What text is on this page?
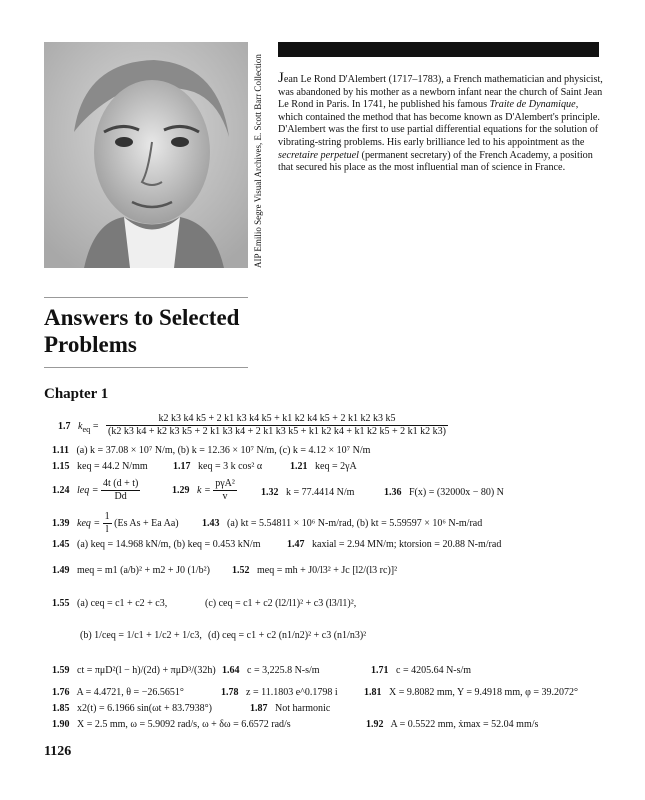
AIP Emilio Segre Visual Archives, E. Scott Barr Collection Jean Le Rond D'Alembert (1717–1783), a French mathematician and physicist, was abandoned by his mother as a newborn infant near the church of Saint Jean Le Rond in Paris. In 1741, he published his famous Traite de Dynamique, which contained the method that has become known as D'Alembert's principle. D'Alembert was the first to use partial differential equations for the solution of vibrating-string problems. His early brilliance led to his appointment as the secretaire perpetuel (permanent secretary) of the French Academy, a position that secured his place as the most influential man of science in France.
Answers to Selected
Problems
Chapter 1
1.7 $k_{eq}$ =
k2 k3 k4 k5 + 2 k1 k3 k4 k5 + k1 k2 k4 k5 + 2 k1 k2 k3 k5
(k2 k3 k4 + k2 k3 k5 + 2 k1 k3 k4 + 2 k1 k3 k5 + k1 k2 k4 + k1 k2 k5 + 2 k1 k2 k3)
1.11 (a) k = 37.08 × 10⁷ N/m, (b) k = 12.36 × 10⁷ N/m, (c) k = 4.12 × 10⁷ N/m
1.15 keq = 44.2 N/mm	1.17 keq = 3 k cos² α	1.21 keq = 2γA
1.24 leq = $\frac{4t (d + t)}{Dd}$	1.29 $k = \frac{\text{pγA²}}{v} 1.32$ k = 77.4414 N/m	1.36 F(x) = (32000x − 80) N
1.39 keq = $\frac{1}{l} (Es$ As + Ea Aa) 1.43 (a) kt = 5.54811 × 10⁶ N-m/rad, (b) kt = 5.59597 × 10⁶ N-m/rad
1.45 (a) keq = 14.968 kN/m, (b) keq = 0.453 kN/m	1.47 kaxial = 2.94 MN/m; ktorsion = 20.88 N-m/rad
1.49 meq = m1 (a/b)² + m2 + J0 (1/b²) 1.52 meq = mh + J0/l3² + Jc [l2/(l3 rc)]²
1.55 (a) ceq = c1 + c2 + c3,	(c) ceq = c1 + c2 (l2/l1)² + c3 (l3/l1)²,
(b) 1/ceq = 1/c1 + 1/c2 + 1/c3, (d) ceq = c1 + c2 (n1/n2)² + c3 (n1/n3)²
1.59 ct = πμD²(l − h)/(2d) + πμD³/(32h) 1.64 c = 3,225.8 N-s/m	1.71 c = 4205.64 N-s/m
1.76 A = 4.4721, θ = −26.5651°	1.78 z = 11.1803 e^0.1798 i	1.81 X = 9.8082 mm, Y = 9.4918 mm, φ = 39.2072°
1.85 x2(t) = 6.1966 sin(ωt + 83.7938°)	1.87 Not harmonic
1.90 X = 2.5 mm, ω = 5.9092 rad/s, ω + δω = 6.6572 rad/s	1.92 A = 0.5522 mm, ẋmax = 52.04 mm/s
1126
